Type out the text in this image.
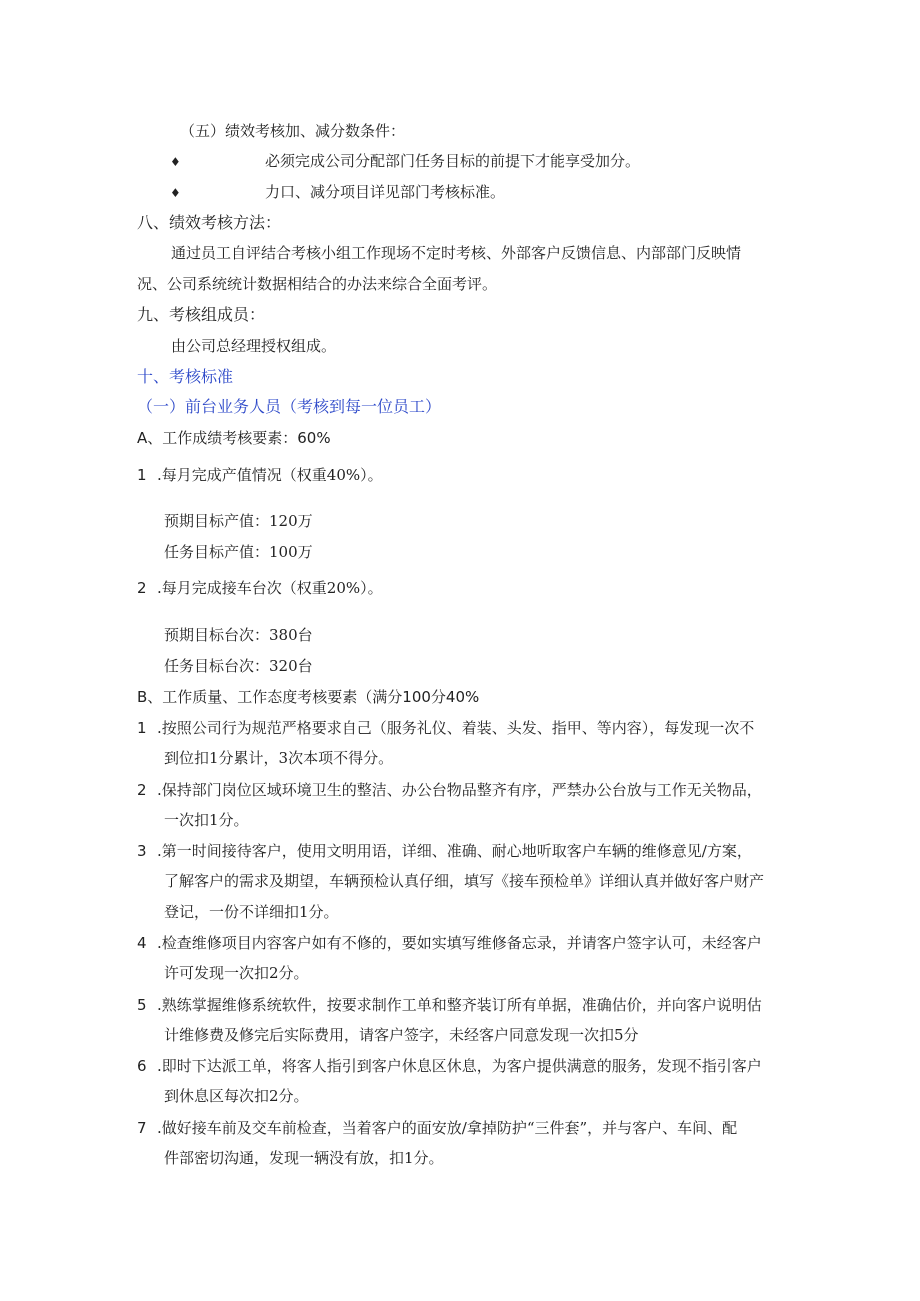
（五）绩效考核加、减分数条件：
♦	必须完成公司分配部门任务目标的前提下才能享受加分。
♦	力口、减分项目详见部门考核标准。
八、绩效考核方法：
通过员工自评结合考核小组工作现场不定时考核、外部客户反馈信息、内部部门反映情
况、公司系统统计数据相结合的办法来综合全面考评。
九、考核组成员：
由公司总经理授权组成。
十、考核标准
（一）前台业务人员（考核到每一位员工）
A、工作成绩考核要素：60%
1 .每月完成产值情况（权重40%）。
预期目标产值：120万
任务目标产值：100万
2 .每月完成接车台次（权重20%）。
预期目标台次：380台
任务目标台次：320台
B、工作质量、工作态度考核要素（满分100分40%
1 .按照公司行为规范严格要求自己（服务礼仪、着装、头发、指甲、等内容），每发现一次不
到位扣1分累计，3次本项不得分。
2 .保持部门岗位区域环境卫生的整洁、办公台物品整齐有序，严禁办公台放与工作无关物品，
一次扣1分。
3 .第一时间接待客户，使用文明用语，详细、准确、耐心地听取客户车辆的维修意见/方案，
了解客户的需求及期望，车辆预检认真仔细，填写《接车预检单》详细认真并做好客户财产
登记，一份不详细扣1分。
4 .检查维修项目内容客户如有不修的，要如实填写维修备忘录，并请客户签字认可，未经客户
许可发现一次扣2分。
5 .熟练掌握维修系统软件，按要求制作工单和整齐装订所有单据，准确估价，并向客户说明估
计维修费及修完后实际费用，请客户签字，未经客户同意发现一次扣5分
6 .即时下达派工单，将客人指引到客户休息区休息，为客户提供满意的服务，发现不指引客户
到休息区每次扣2分。
7 .做好接车前及交车前检查，当着客户的面安放/拿掉防护“三件套”，并与客户、车间、配
件部密切沟通，发现一辆没有放，扣1分。
